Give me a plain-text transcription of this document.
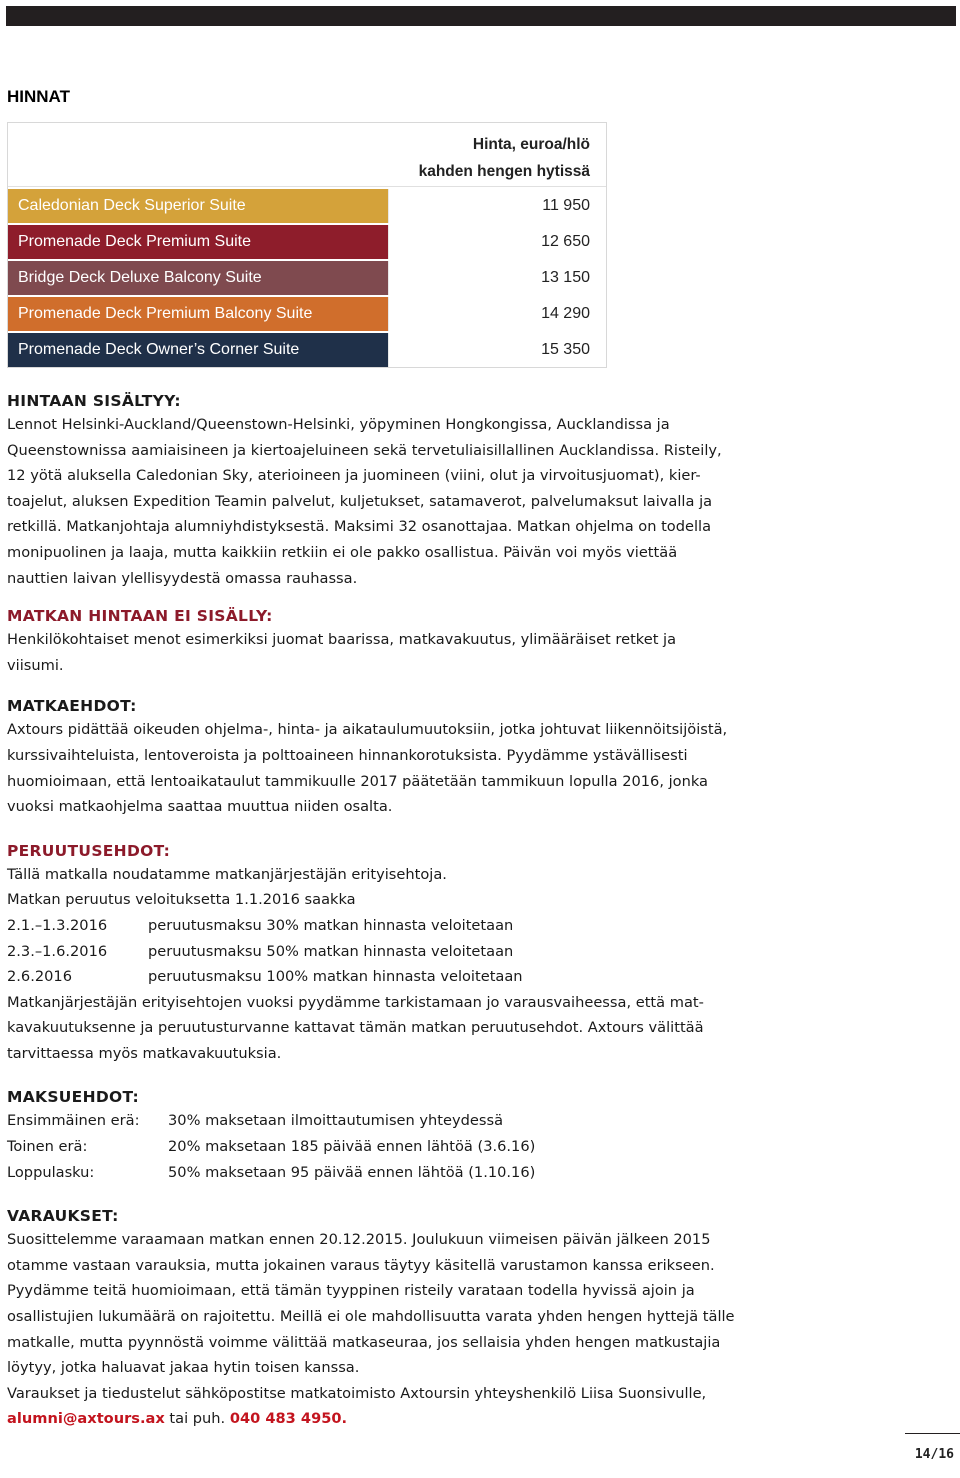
HINNAT
Hinta, euroa/hlö
kahden hengen hytissä
Caledonian Deck Superior Suite	11 950
Promenade Deck Premium Suite	12 650
Bridge Deck Deluxe Balcony Suite	13 150
Promenade Deck Premium Balcony Suite	14 290
Promenade Deck Owner’s Corner Suite	15 350
HINTAAN SISÄLTYY:
Lennot Helsinki-Auckland/Queenstown-Helsinki, yöpyminen Hongkongissa, Aucklandissa ja
Queenstownissa aamiaisineen ja kiertoajeluineen sekä tervetuliaisillallinen Aucklandissa. Risteily,
12 yötä aluksella Caledonian Sky, aterioineen ja juomineen (viini, olut ja virvoitusjuomat), kier-
toajelut, aluksen Expedition Teamin palvelut, kuljetukset, satamaverot, palvelumaksut laivalla ja
retkillä. Matkanjohtaja alumniyhdistyksestä. Maksimi 32 osanottajaa. Matkan ohjelma on todella
monipuolinen ja laaja, mutta kaikkiin retkiin ei ole pakko osallistua. Päivän voi myös viettää
nauttien laivan ylellisyydestä omassa rauhassa.
MATKAN HINTAAN EI SISÄLLY:
Henkilökohtaiset menot esimerkiksi juomat baarissa, matkavakuutus, ylimääräiset retket ja
viisumi.
MATKAEHDOT:
Axtours pidättää oikeuden ohjelma-, hinta- ja aikataulumuutoksiin, jotka johtuvat liikennöitsijöistä,
kurssivaihteluista, lentoveroista ja polttoaineen hinnankorotuksista. Pyydämme ystävällisesti
huomioimaan, että lentoaikataulut tammikuulle 2017 päätetään tammikuun lopulla 2016, jonka
vuoksi matkaohjelma saattaa muuttua niiden osalta.
PERUUTUSEHDOT:
Tällä matkalla noudatamme matkanjärjestäjän erityisehtoja.
Matkan peruutus veloituksetta 1.1.2016 saakka
2.1.–1.3.2016	peruutusmaksu 30% matkan hinnasta veloitetaan
2.3.–1.6.2016	peruutusmaksu 50% matkan hinnasta veloitetaan
2.6.2016	peruutusmaksu 100% matkan hinnasta veloitetaan
Matkanjärjestäjän erityisehtojen vuoksi pyydämme tarkistamaan jo varausvaiheessa, että mat-
kavakuutuksenne ja peruutusturvanne kattavat tämän matkan peruutusehdot. Axtours välittää
tarvittaessa myös matkavakuutuksia.
MAKSUEHDOT:
Ensimmäinen erä:	30% maksetaan ilmoittautumisen yhteydessä
Toinen erä:	20% maksetaan 185 päivää ennen lähtöä (3.6.16)
Loppulasku:	50% maksetaan 95 päivää ennen lähtöä (1.10.16)
VARAUKSET:
Suosittelemme varaamaan matkan ennen 20.12.2015. Joulukuun viimeisen päivän jälkeen 2015
otamme vastaan varauksia, mutta jokainen varaus täytyy käsitellä varustamon kanssa erikseen.
Pyydämme teitä huomioimaan, että tämän tyyppinen risteily varataan todella hyvissä ajoin ja
osallistujien lukumäärä on rajoitettu. Meillä ei ole mahdollisuutta varata yhden hengen hyttejä tälle
matkalle, mutta pyynnöstä voimme välittää matkaseuraa, jos sellaisia yhden hengen matkustajia
löytyy, jotka haluavat jakaa hytin toisen kanssa.
Varaukset ja tiedustelut sähköpostitse matkatoimisto Axtoursin yhteyshenkilö Liisa Suonsivulle,
alumni@axtours.ax tai puh. 040 483 4950.
14/16
